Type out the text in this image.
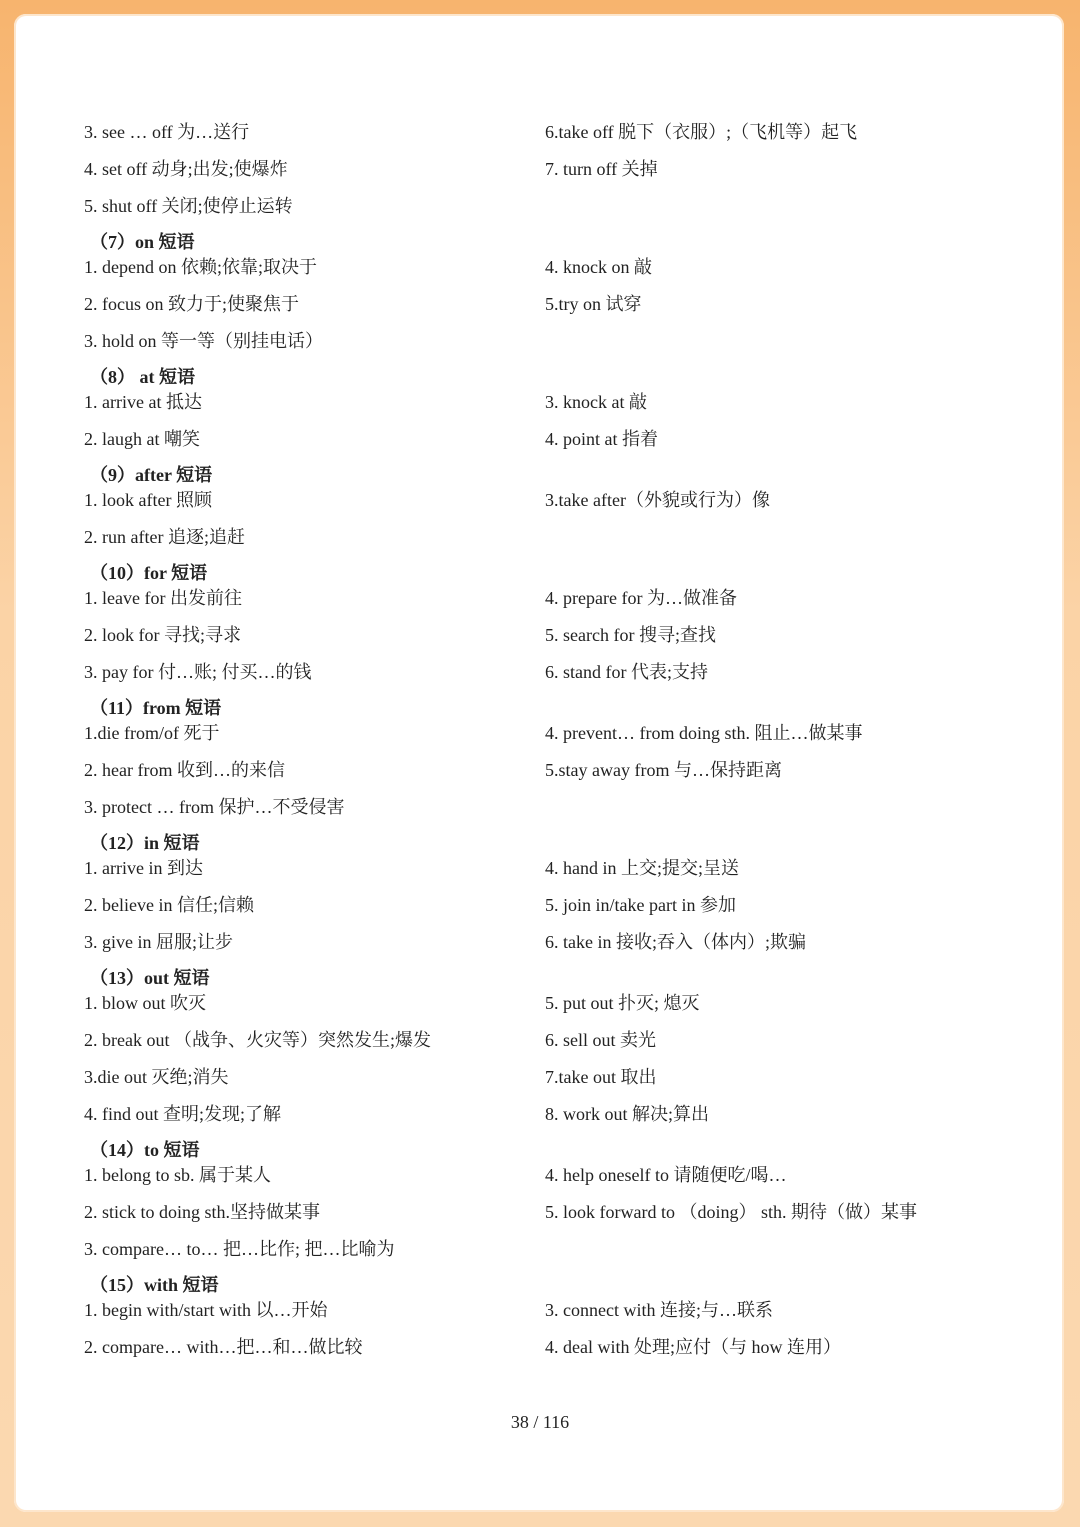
3. see … off 为…送行
4. set off 动身;出发;使爆炸
5. shut off 关闭;使停止运转
6.take off 脱下（衣服）;（飞机等）起飞
7. turn off 关掉
（7）on 短语
1. depend on 依赖;依靠;取决于
2. focus on 致力于;使聚焦于
3. hold on 等一等（别挂电话）
4. knock on 敲
5.try on 试穿
（8） at 短语
1. arrive at 抵达
2. laugh at 嘲笑
3. knock at 敲
4. point at 指着
（9）after 短语
1. look after 照顾
2. run after 追逐;追赶
3.take after（外貌或行为）像
（10）for 短语
1. leave for 出发前往
2. look for 寻找;寻求
3. pay for 付…账; 付买…的钱
4. prepare for 为…做准备
5. search for 搜寻;查找
6. stand for 代表;支持
（11）from 短语
1.die from/of 死于
2. hear from 收到…的来信
3. protect … from 保护…不受侵害
4. prevent… from doing sth. 阻止…做某事
5.stay away from 与…保持距离
（12）in 短语
1. arrive in 到达
2. believe in 信任;信赖
3. give in 屈服;让步
4. hand in 上交;提交;呈送
5. join in/take part in 参加
6. take in 接收;吞入（体内）;欺骗
（13）out 短语
1. blow out 吹灭
2. break out （战争、火灾等）突然发生;爆发
3.die out 灭绝;消失
4. find out 查明;发现;了解
5. put out 扑灭; 熄灭
6. sell out 卖光
7.take out 取出
8. work out 解决;算出
（14）to 短语
1. belong to sb. 属于某人
2. stick to doing sth.坚持做某事
3. compare… to… 把…比作; 把…比喻为
4. help oneself to 请随便吃/喝…
5. look forward to （doing） sth. 期待（做）某事
（15）with 短语
1. begin with/start with 以…开始
2. compare… with…把…和…做比较
3. connect with 连接;与…联系
4. deal with 处理;应付（与 how 连用）
38 / 116
